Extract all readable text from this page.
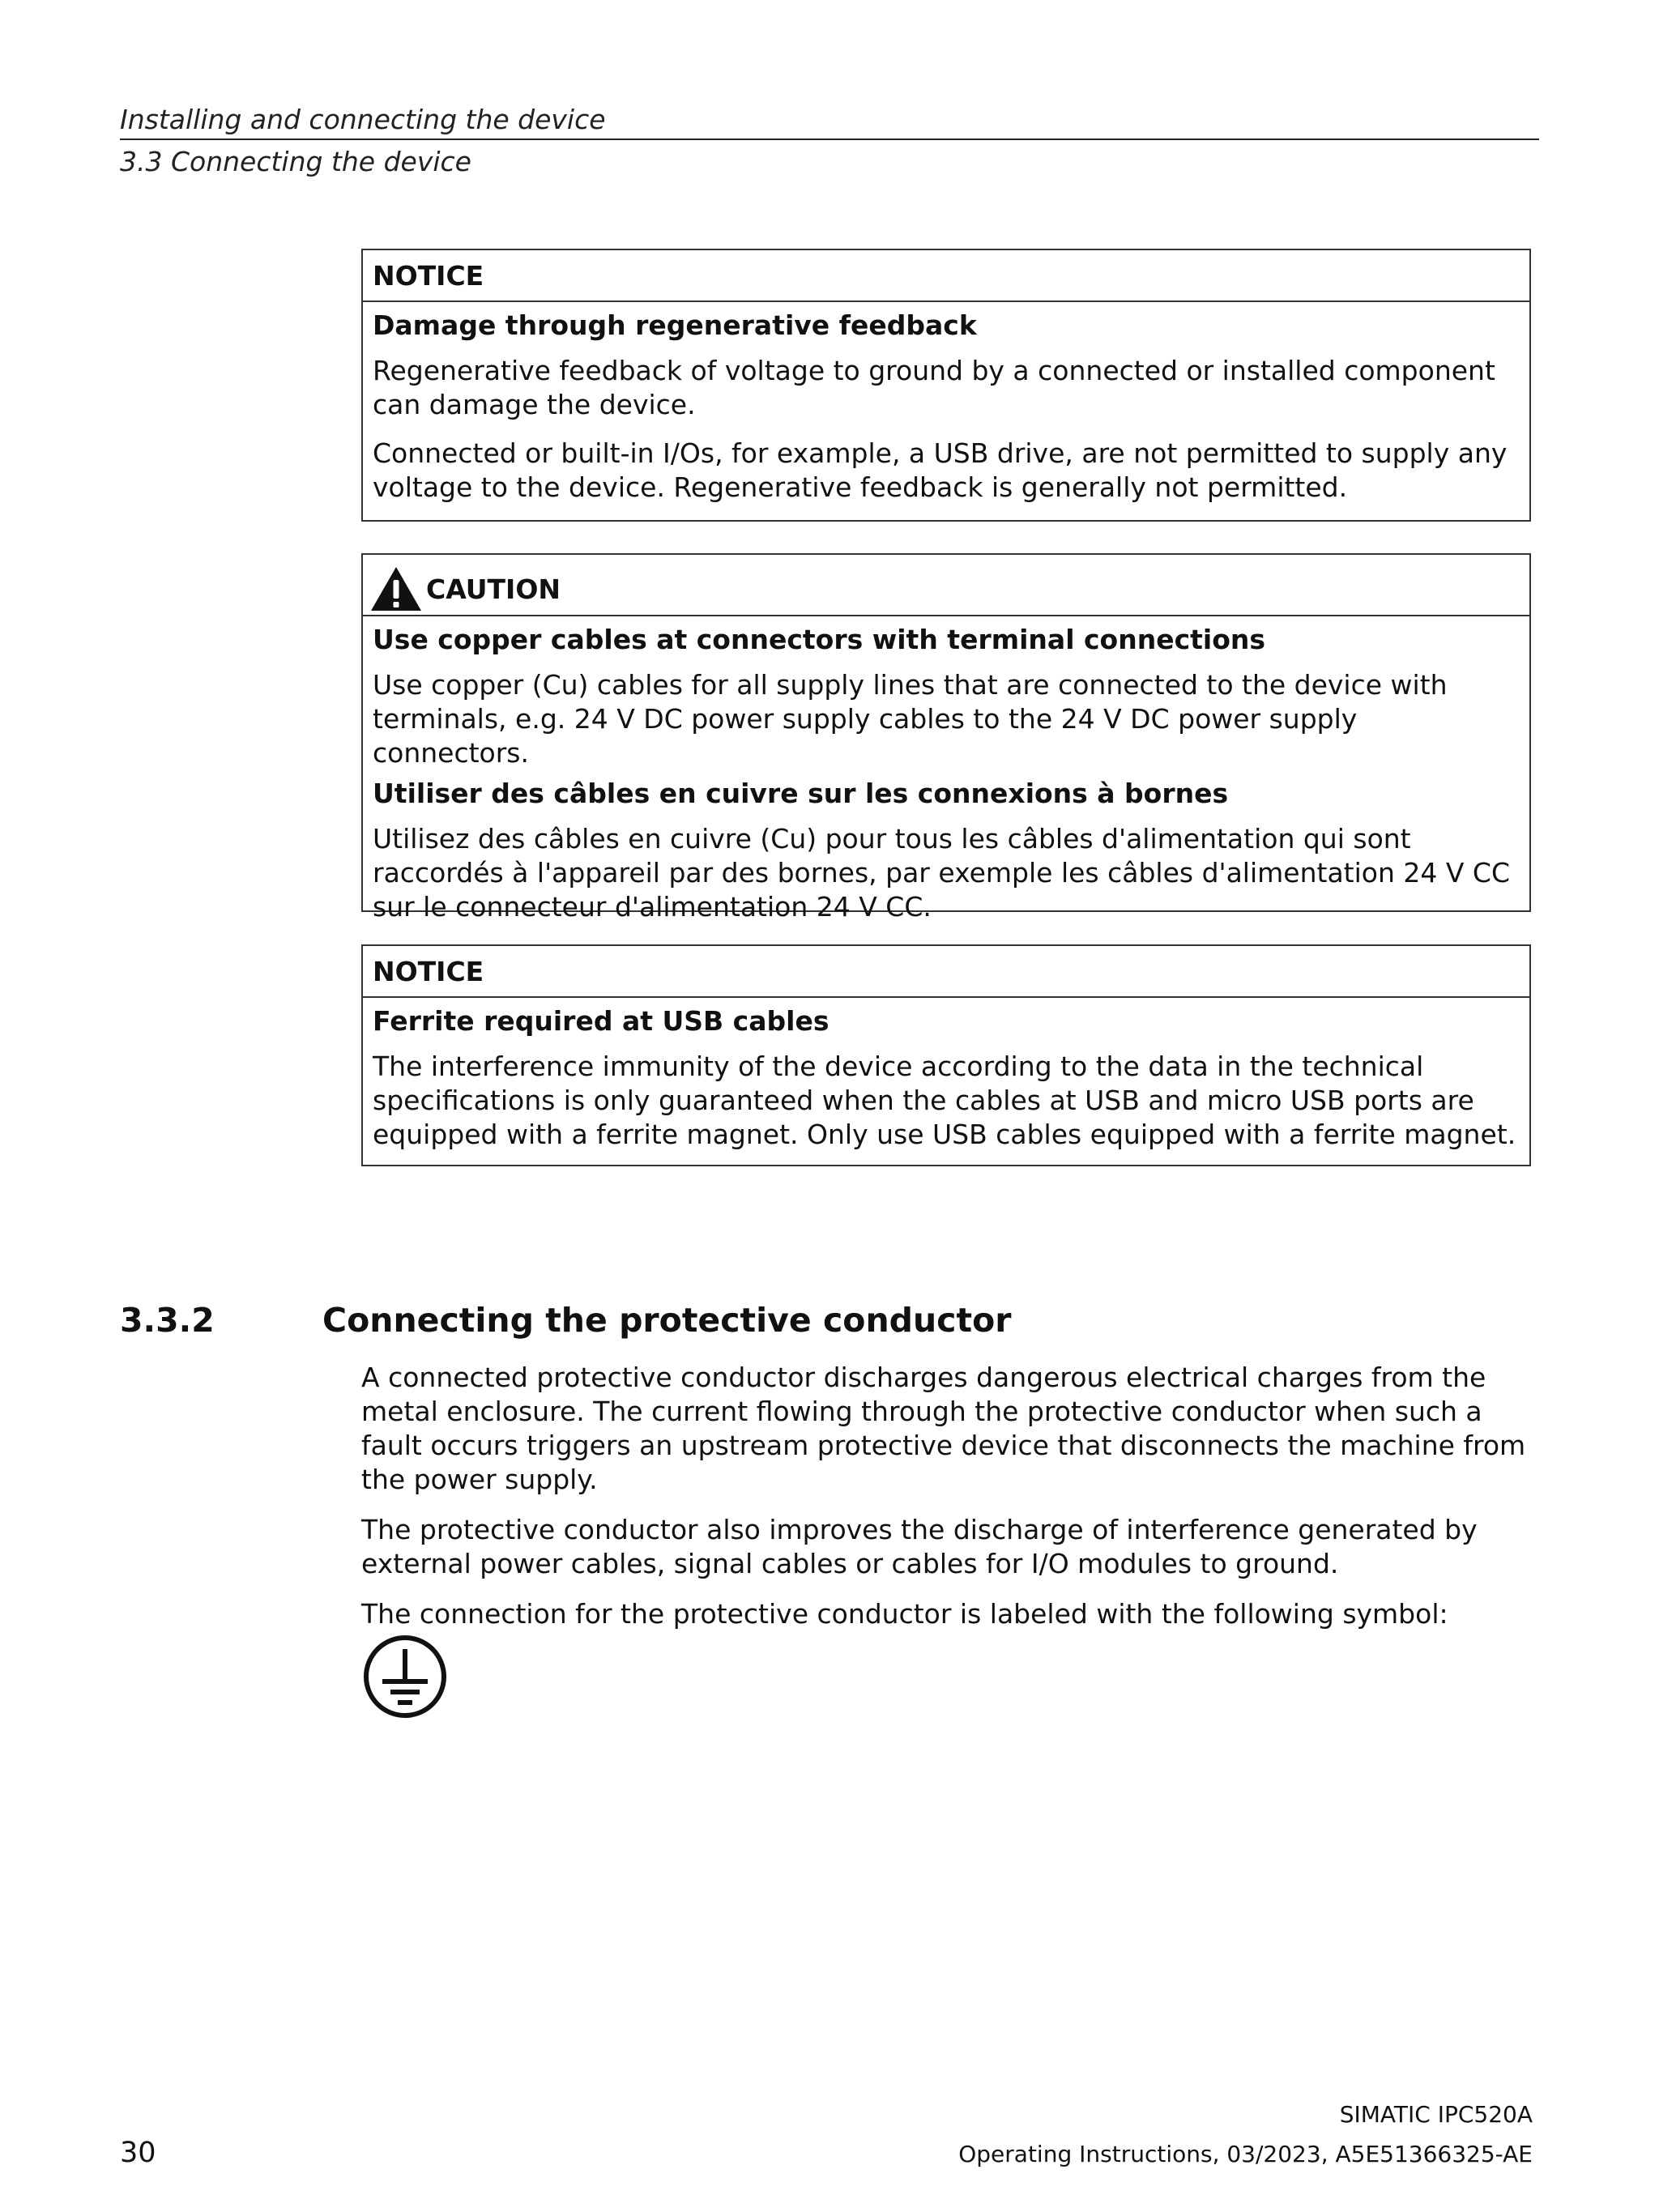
Installing and connecting the device
3.3 Connecting the device
NOTICE
Damage through regenerative feedback
Regenerative feedback of voltage to ground by a connected or installed component can damage the device.
Connected or built-in I/Os, for example, a USB drive, are not permitted to supply any voltage to the device. Regenerative feedback is generally not permitted.
CAUTION
Use copper cables at connectors with terminal connections
Use copper (Cu) cables for all supply lines that are connected to the device with terminals, e.g. 24 V DC power supply cables to the 24 V DC power supply connectors.
Utiliser des câbles en cuivre sur les connexions à bornes
Utilisez des câbles en cuivre (Cu) pour tous les câbles d'alimentation qui sont raccordés à l'appareil par des bornes, par exemple les câbles d'alimentation 24 V CC sur le connecteur d'alimentation 24 V CC.
NOTICE
Ferrite required at USB cables
The interference immunity of the device according to the data in the technical specifications is only guaranteed when the cables at USB and micro USB ports are equipped with a ferrite magnet. Only use USB cables equipped with a ferrite magnet.
3.3.2	Connecting the protective conductor

A connected protective conductor discharges dangerous electrical charges from the metal enclosure. The current flowing through the protective conductor when such a fault occurs triggers an upstream protective device that disconnects the machine from the power supply.

The protective conductor also improves the discharge of interference generated by external power cables, signal cables or cables for I/O modules to ground.

The connection for the protective conductor is labeled with the following symbol:

30
SIMATIC IPC520A
Operating Instructions, 03/2023, A5E51366325-AE
